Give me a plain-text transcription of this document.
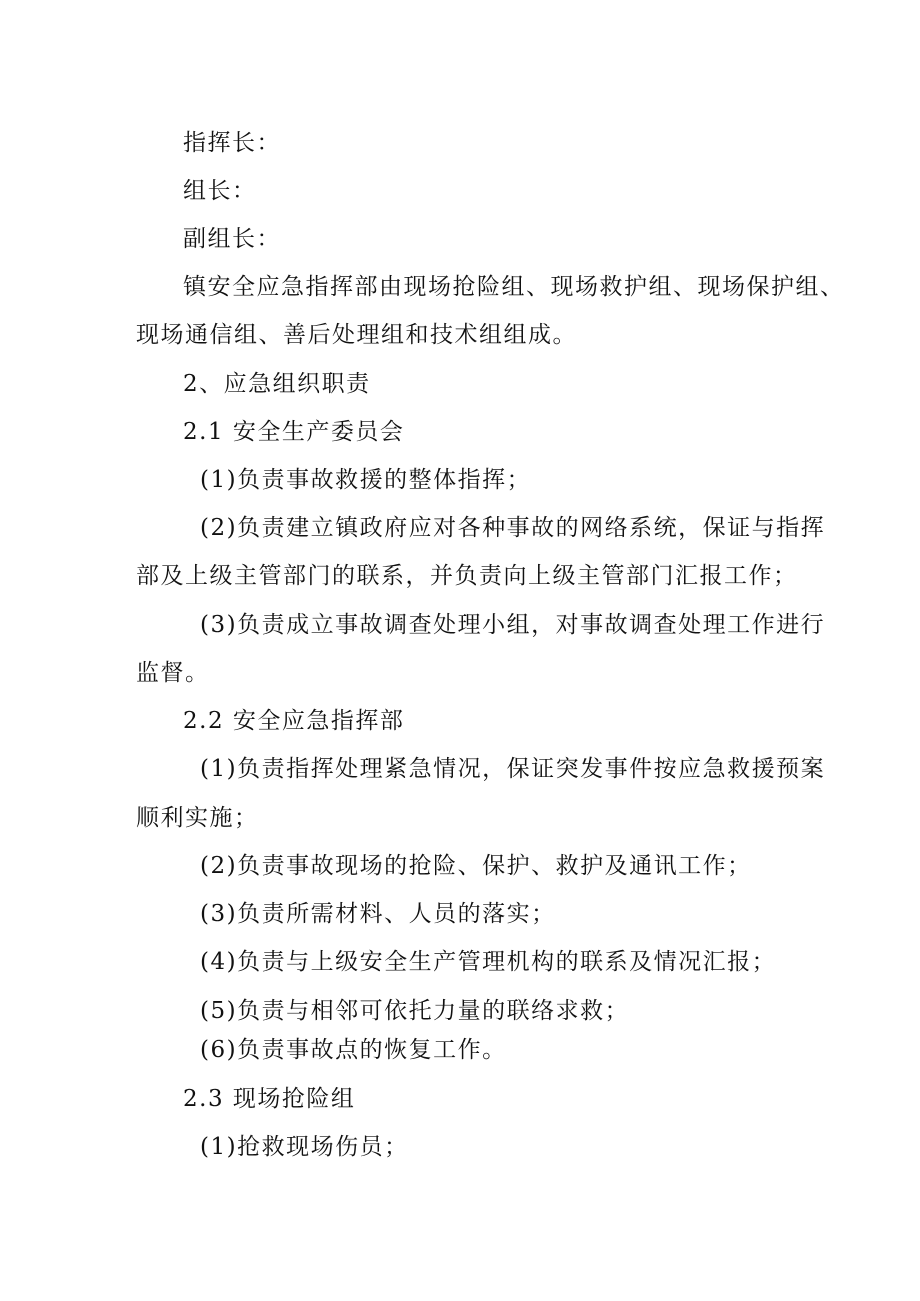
指挥长：
组长：
副组长：
镇安全应急指挥部由现场抢险组、现场救护组、现场保护组、
现场通信组、善后处理组和技术组组成。
2、应急组织职责
2.1 安全生产委员会
(1)负责事故救援的整体指挥；
(2)负责建立镇政府应对各种事故的网络系统，保证与指挥
部及上级主管部门的联系，并负责向上级主管部门汇报工作；
(3)负责成立事故调查处理小组，对事故调查处理工作进行
监督。
2.2 安全应急指挥部
(1)负责指挥处理紧急情况，保证突发事件按应急救援预案
顺利实施；
(2)负责事故现场的抢险、保护、救护及通讯工作；
(3)负责所需材料、人员的落实；
(4)负责与上级安全生产管理机构的联系及情况汇报；
(5)负责与相邻可依托力量的联络求救；
(6)负责事故点的恢复工作。
2.3 现场抢险组
(1)抢救现场伤员；
